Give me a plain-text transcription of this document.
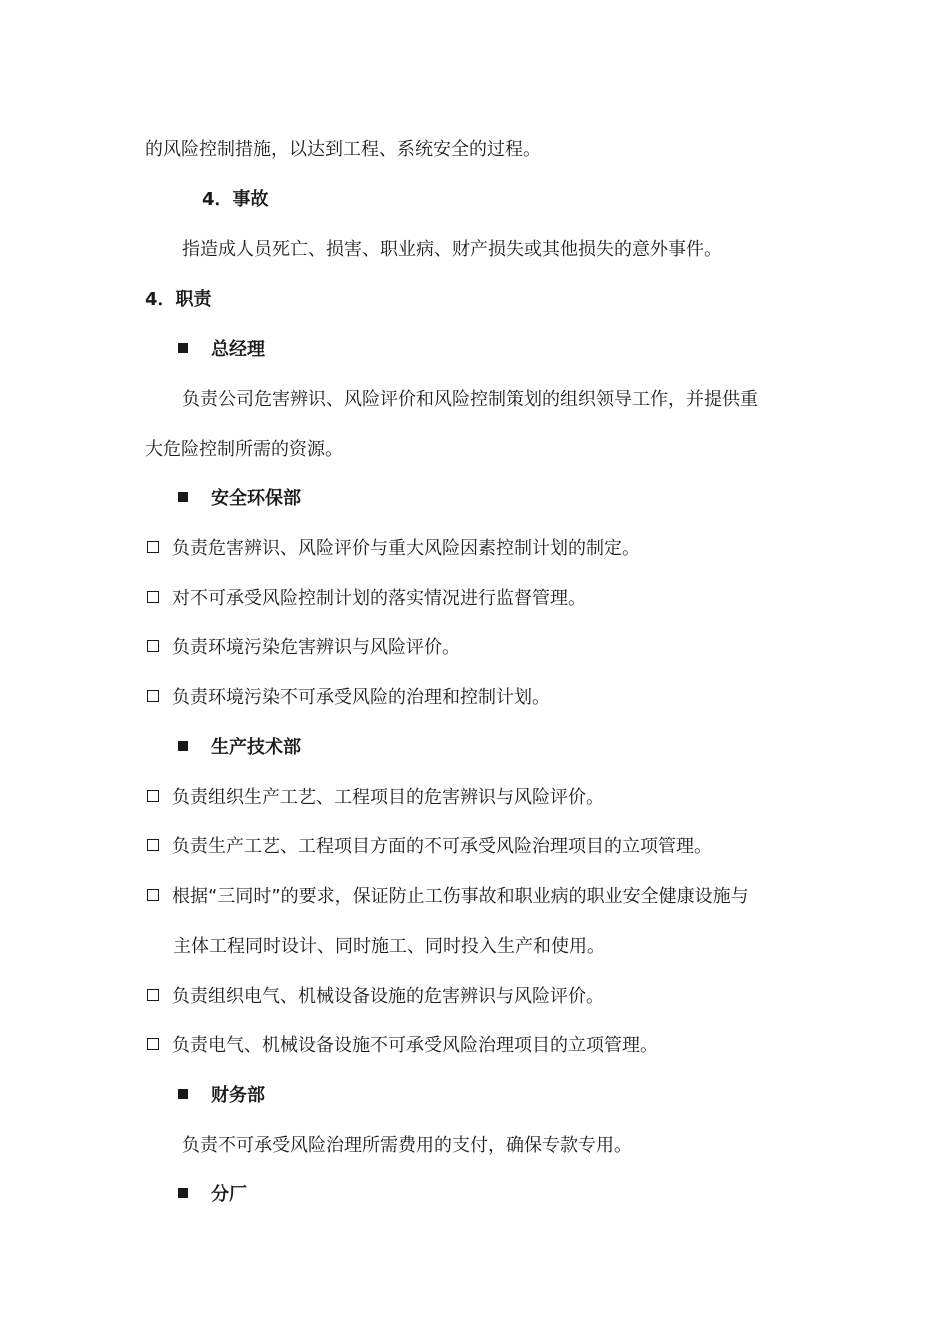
的风险控制措施，以达到工程、系统安全的过程。
4．事故
指造成人员死亡、损害、职业病、财产损失或其他损失的意外事件。
4．职责
总经理
负责公司危害辨识、风险评价和风险控制策划的组织领导工作，并提供重
大危险控制所需的资源。
安全环保部
负责危害辨识、风险评价与重大风险因素控制计划的制定。
对不可承受风险控制计划的落实情况进行监督管理。
负责环境污染危害辨识与风险评价。
负责环境污染不可承受风险的治理和控制计划。
生产技术部
负责组织生产工艺、工程项目的危害辨识与风险评价。
负责生产工艺、工程项目方面的不可承受风险治理项目的立项管理。
根据“三同时”的要求，保证防止工伤事故和职业病的职业安全健康设施与
主体工程同时设计、同时施工、同时投入生产和使用。
负责组织电气、机械设备设施的危害辨识与风险评价。
负责电气、机械设备设施不可承受风险治理项目的立项管理。
财务部
负责不可承受风险治理所需费用的支付，确保专款专用。
分厂
